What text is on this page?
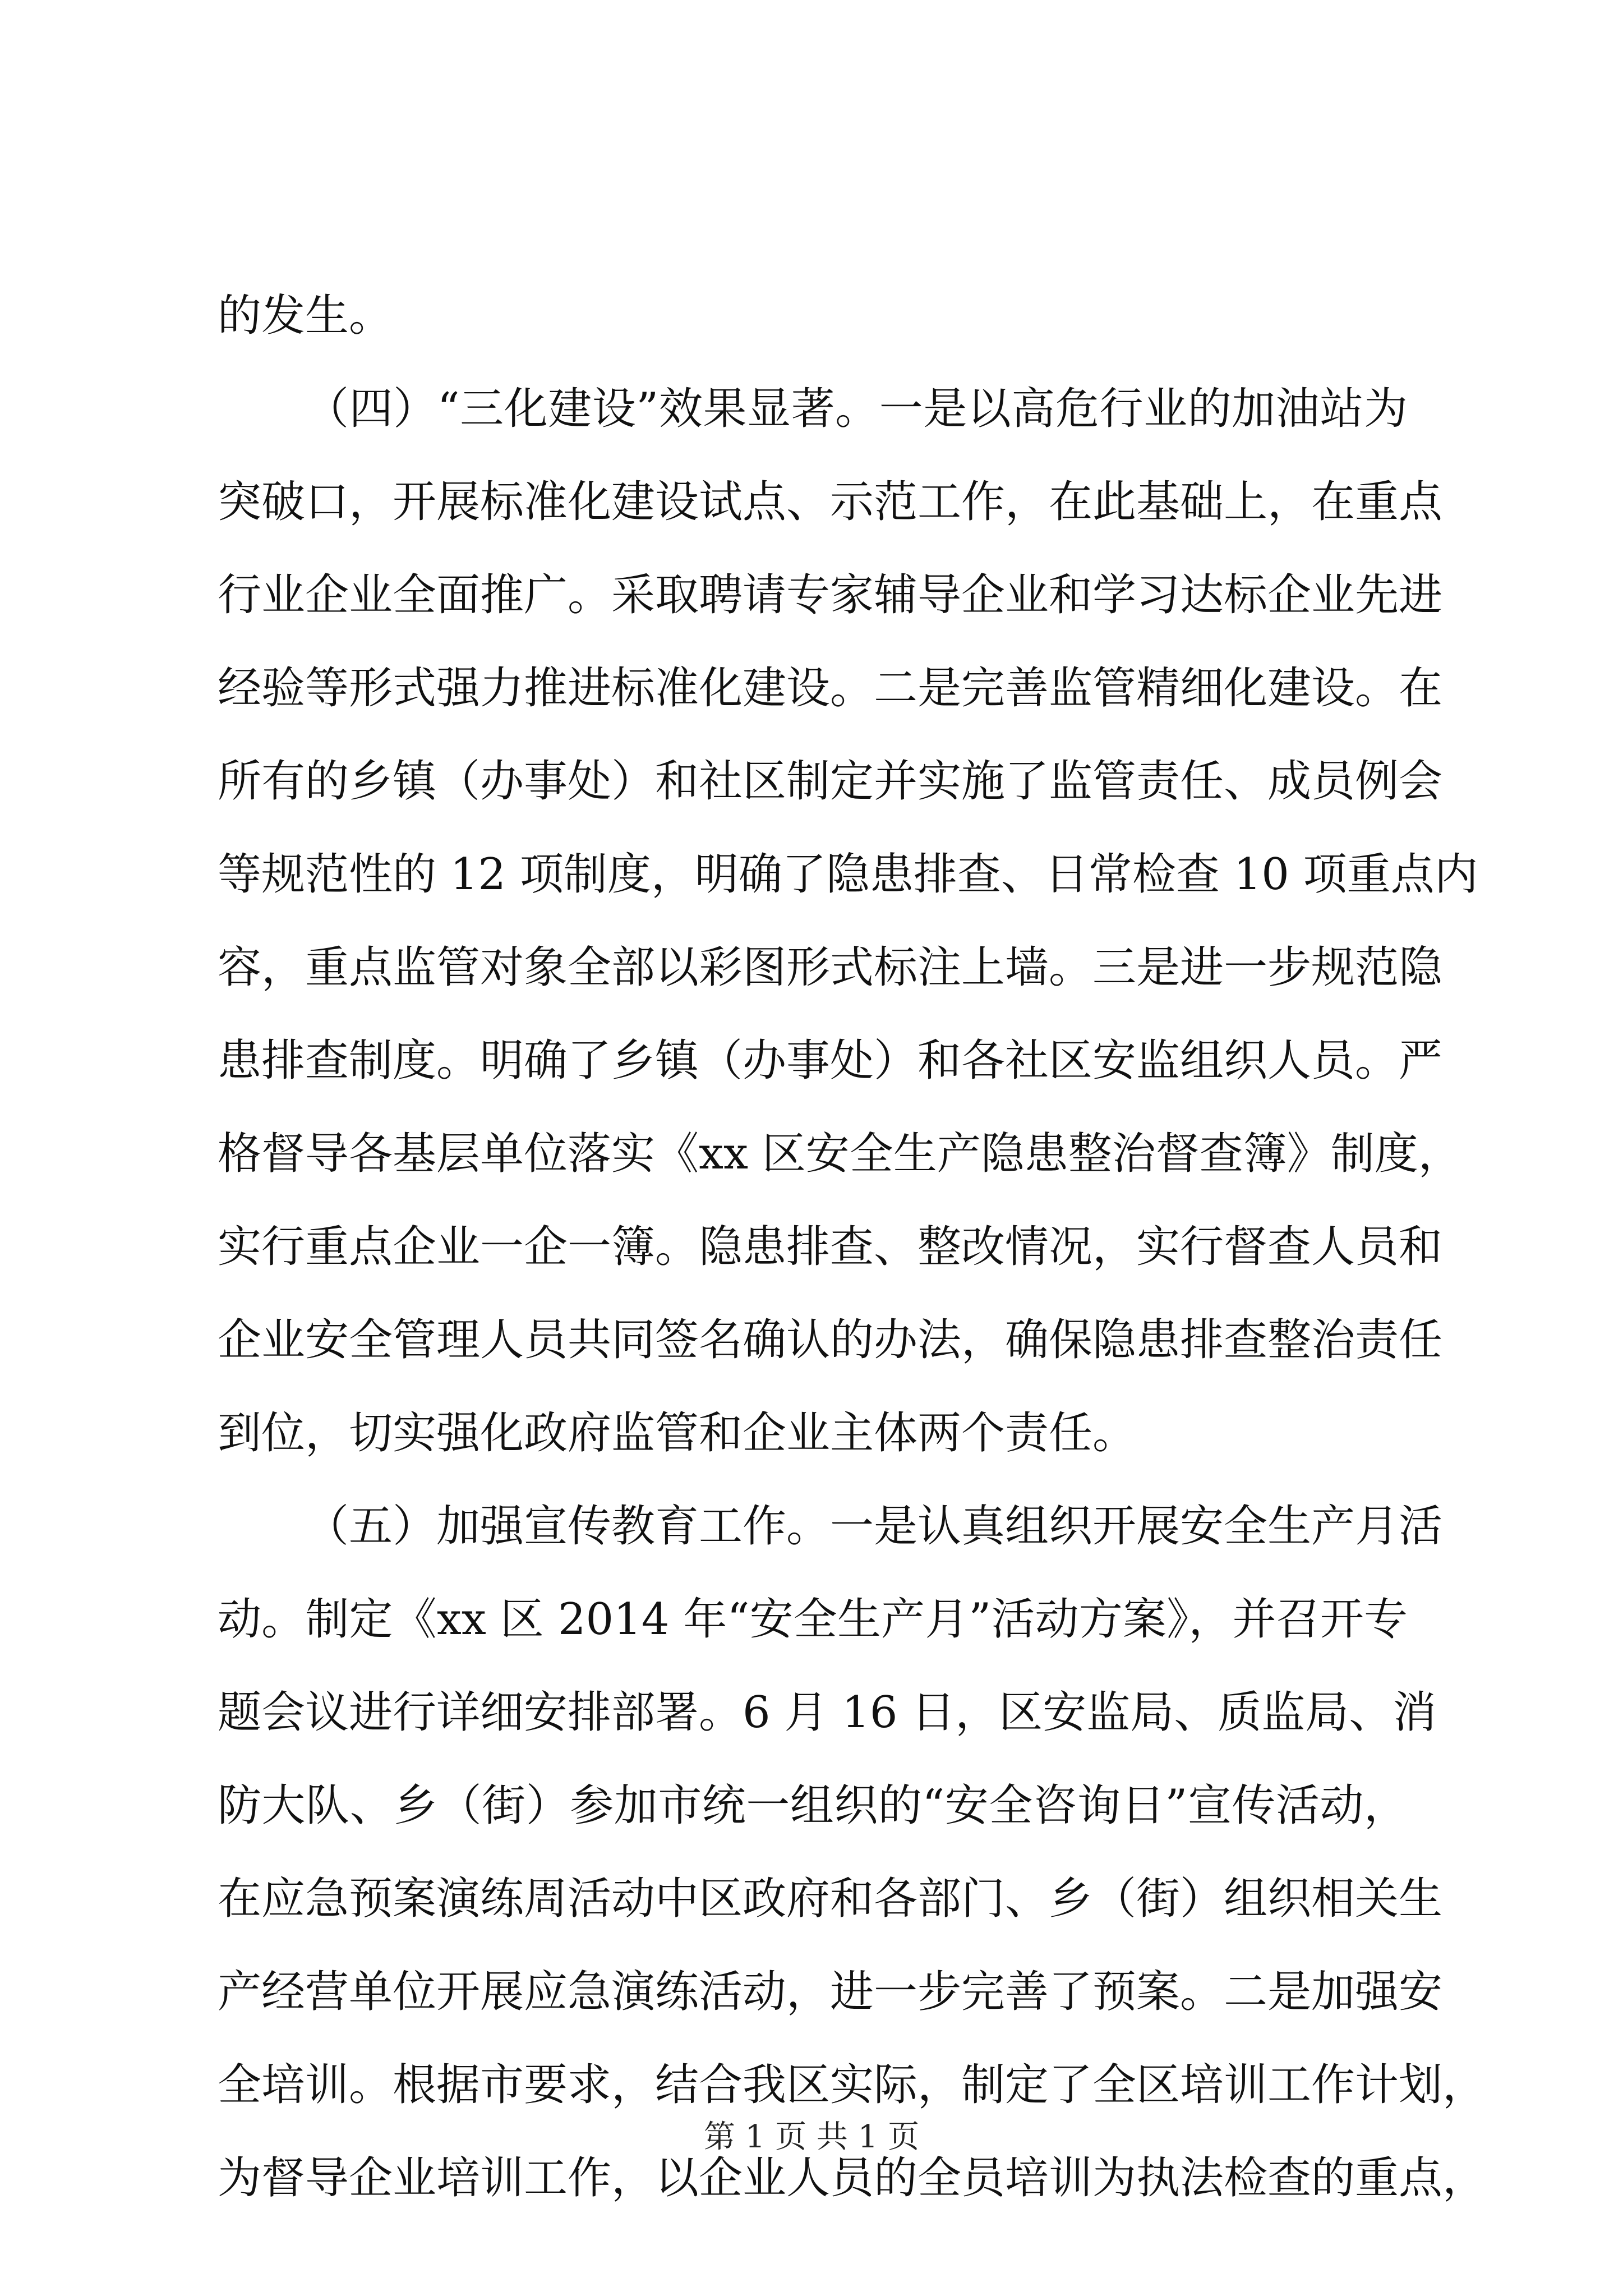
的发生。
（四）“三化建设”效果显著。一是以高危行业的加油站为
突破口，开展标准化建设试点、示范工作，在此基础上，在重点
行业企业全面推广。采取聘请专家辅导企业和学习达标企业先进
经验等形式强力推进标准化建设。二是完善监管精细化建设。在
所有的乡镇（办事处）和社区制定并实施了监管责任、成员例会
等规范性的 12 项制度，明确了隐患排查、日常检查 10 项重点内
容，重点监管对象全部以彩图形式标注上墙。三是进一步规范隐
患排查制度。明确了乡镇（办事处）和各社区安监组织人员。严
格督导各基层单位落实《xx 区安全生产隐患整治督查簿》制度，
实行重点企业一企一簿。隐患排查、整改情况，实行督查人员和
企业安全管理人员共同签名确认的办法，确保隐患排查整治责任
到位，切实强化政府监管和企业主体两个责任。
（五）加强宣传教育工作。一是认真组织开展安全生产月活
动。制定《xx 区 2014 年“安全生产月”活动方案》，并召开专
题会议进行详细安排部署。6 月 16 日，区安监局、质监局、消
防大队、乡（街）参加市统一组织的“安全咨询日”宣传活动，
在应急预案演练周活动中区政府和各部门、乡（街）组织相关生
产经营单位开展应急演练活动，进一步完善了预案。二是加强安
全培训。根据市要求，结合我区实际，制定了全区培训工作计划，
为督导企业培训工作，以企业人员的全员培训为执法检查的重点，
第 1 页 共 1 页
